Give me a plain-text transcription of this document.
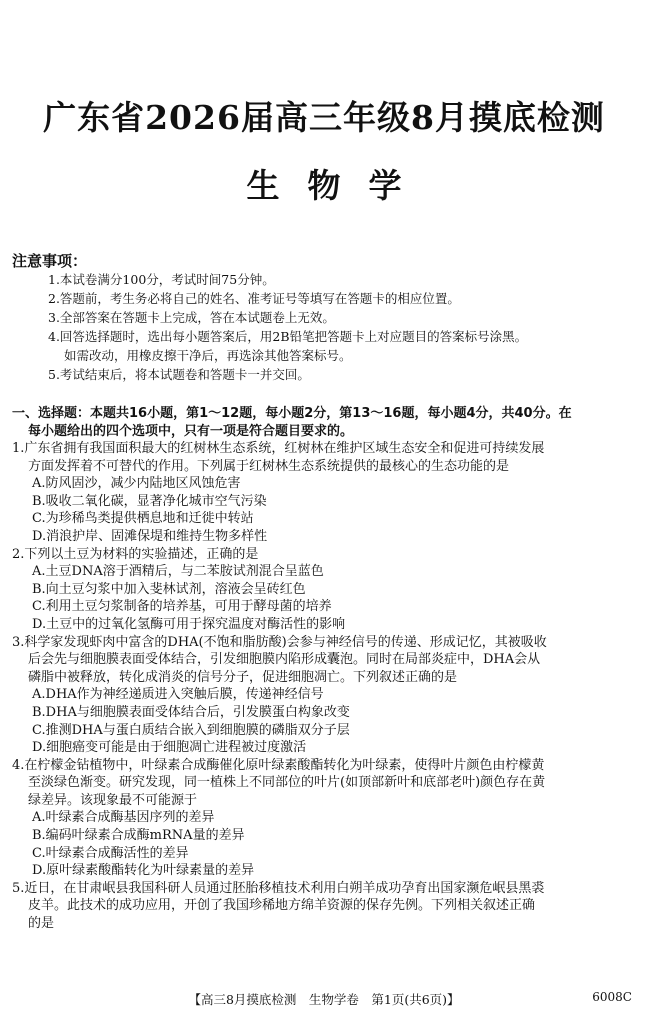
广东省2026届高三年级8月摸底检测
生物学
注意事项：
1.本试卷满分100分，考试时间75分钟。
2.答题前，考生务必将自己的姓名、准考证号等填写在答题卡的相应位置。
3.全部答案在答题卡上完成，答在本试题卷上无效。
4.回答选择题时，选出每小题答案后，用2B铅笔把答题卡上对应题目的答案标号涂黑。
如需改动，用橡皮擦干净后，再选涂其他答案标号。
5.考试结束后，将本试题卷和答题卡一并交回。
一、选择题：本题共16小题，第1～12题，每小题2分，第13～16题，每小题4分，共40分。在
每小题给出的四个选项中，只有一项是符合题目要求的。
1.广东省拥有我国面积最大的红树林生态系统，红树林在维护区域生态安全和促进可持续发展
方面发挥着不可替代的作用。下列属于红树林生态系统提供的最核心的生态功能的是
A.防风固沙，减少内陆地区风蚀危害
B.吸收二氧化碳，显著净化城市空气污染
C.为珍稀鸟类提供栖息地和迁徙中转站
D.消浪护岸、固滩保堤和维持生物多样性
2.下列以土豆为材料的实验描述，正确的是
A.土豆DNA溶于酒精后，与二苯胺试剂混合呈蓝色
B.向土豆匀浆中加入斐林试剂，溶液会呈砖红色
C.利用土豆匀浆制备的培养基，可用于酵母菌的培养
D.土豆中的过氧化氢酶可用于探究温度对酶活性的影响
3.科学家发现虾肉中富含的DHA(不饱和脂肪酸)会参与神经信号的传递、形成记忆，其被吸收
后会先与细胞膜表面受体结合，引发细胞膜内陷形成囊泡。同时在局部炎症中，DHA会从
磷脂中被释放，转化成消炎的信号分子，促进细胞凋亡。下列叙述正确的是
A.DHA作为神经递质进入突触后膜，传递神经信号
B.DHA与细胞膜表面受体结合后，引发膜蛋白构象改变
C.推测DHA与蛋白质结合嵌入到细胞膜的磷脂双分子层
D.细胞癌变可能是由于细胞凋亡进程被过度激活
4.在柠檬金钻植物中，叶绿素合成酶催化原叶绿素酸酯转化为叶绿素，使得叶片颜色由柠檬黄
至淡绿色渐变。研究发现，同一植株上不同部位的叶片(如顶部新叶和底部老叶)颜色存在黄
绿差异。该现象最不可能源于
A.叶绿素合成酶基因序列的差异
B.编码叶绿素合成酶mRNA量的差异
C.叶绿素合成酶活性的差异
D.原叶绿素酸酯转化为叶绿素量的差异
5.近日，在甘肃岷县我国科研人员通过胚胎移植技术利用白朔羊成功孕育出国家濒危岷县黑裘
皮羊。此技术的成功应用，开创了我国珍稀地方绵羊资源的保存先例。下列相关叙述正确
的是
【高三8月摸底检测　生物学卷　第1页(共6页)】	6008C
